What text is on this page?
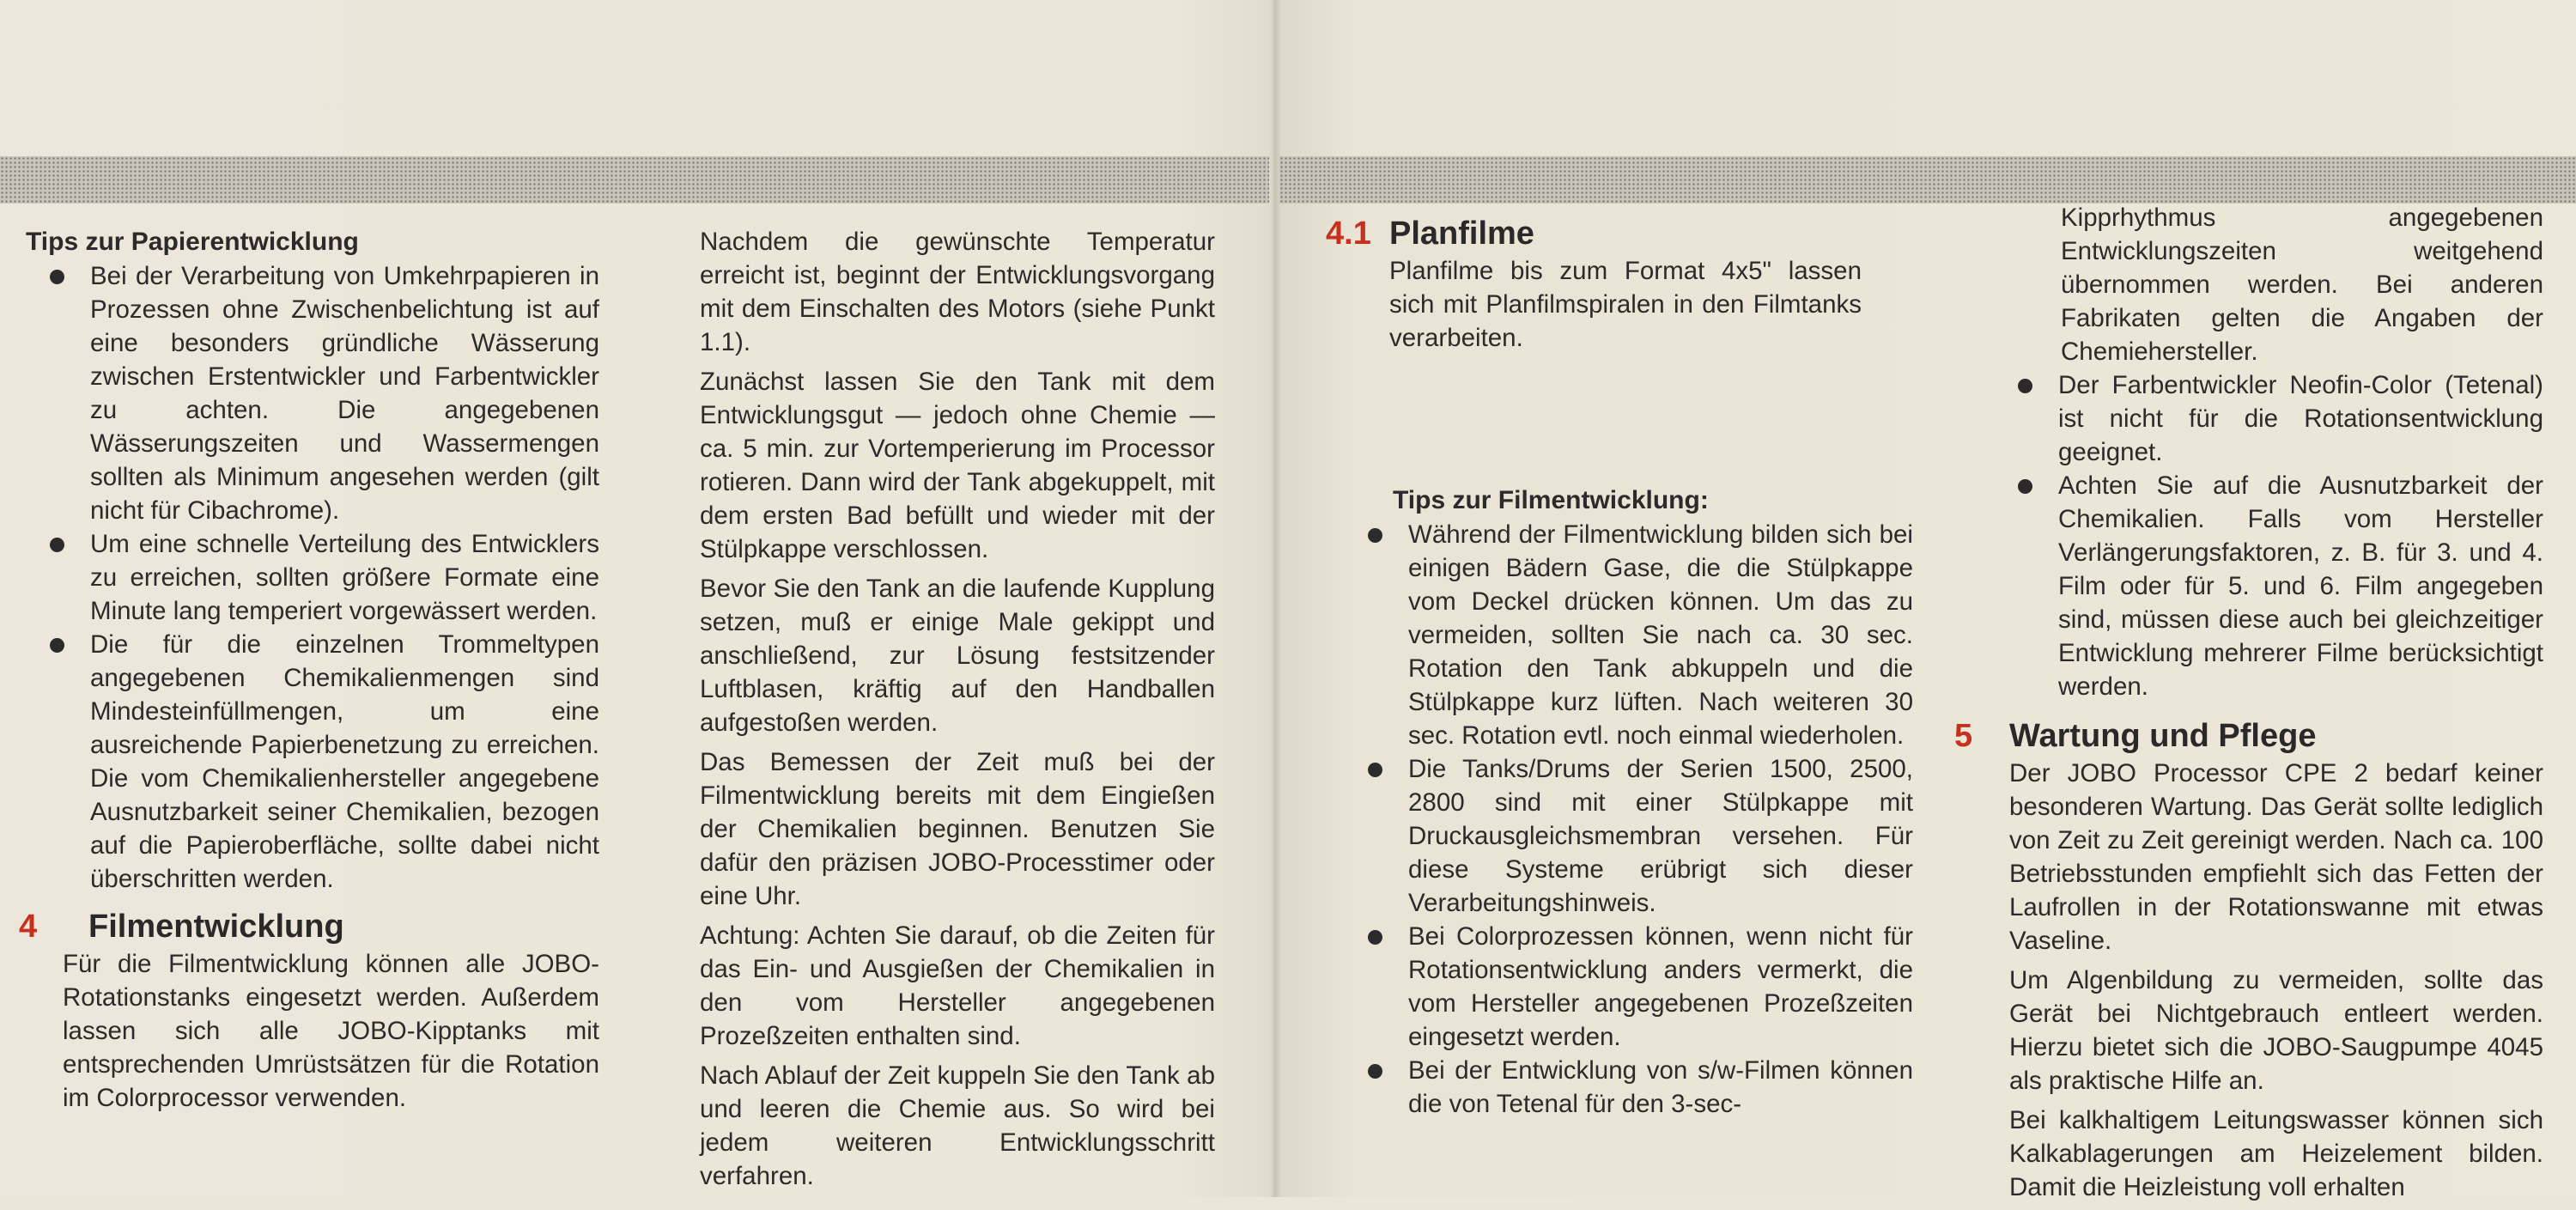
Tips zur Papierentwicklung
Bei der Verarbeitung von Umkehrpapieren in Prozessen ohne Zwischenbelichtung ist auf eine besonders gründliche Wässerung zwischen Erstentwickler und Farbentwickler zu achten. Die angegebenen Wässerungszeiten und Wassermengen sollten als Minimum angesehen werden (gilt nicht für Cibachrome).
Um eine schnelle Verteilung des Entwicklers zu erreichen, sollten größere Formate eine Minute lang temperiert vorgewässert werden.
Die für die einzelnen Trommeltypen angegebenen Chemikalienmengen sind Mindesteinfüllmengen, um eine ausreichende Papierbenetzung zu erreichen. Die vom Chemikalienhersteller angegebene Ausnutzbarkeit seiner Chemikalien, bezogen auf die Papieroberfläche, sollte dabei nicht überschritten werden.
4 Filmentwicklung
Für die Filmentwicklung können alle JOBO-Rotationstanks eingesetzt werden. Außerdem lassen sich alle JOBO-Kipptanks mit entsprechenden Umrüstsätzen für die Rotation im Colorprocessor verwenden.

Nachdem die gewünschte Temperatur erreicht ist, beginnt der Entwicklungsvorgang mit dem Einschalten des Motors (siehe Punkt 1.1).

Zunächst lassen Sie den Tank mit dem Entwicklungsgut — jedoch ohne Chemie — ca. 5 min. zur Vortemperierung im Processor rotieren. Dann wird der Tank abgekuppelt, mit dem ersten Bad befüllt und wieder mit der Stülpkappe verschlossen.

Bevor Sie den Tank an die laufende Kupplung setzen, muß er einige Male gekippt und anschließend, zur Lösung festsitzender Luftblasen, kräftig auf den Handballen aufgestoßen werden.

Das Bemessen der Zeit muß bei der Filmentwicklung bereits mit dem Eingießen der Chemikalien beginnen. Benutzen Sie dafür den präzisen JOBO-Processtimer oder eine Uhr.

Achtung: Achten Sie darauf, ob die Zeiten für das Ein- und Ausgießen der Chemikalien in den vom Hersteller angegebenen Prozeßzeiten enthalten sind.

Nach Ablauf der Zeit kuppeln Sie den Tank ab und leeren die Chemie aus. So wird bei jedem weiteren Entwicklungsschritt verfahren.

4.1 Planfilme
Planfilme bis zum Format 4x5" lassen sich mit Planfilmspiralen in den Filmtanks verarbeiten.
Tips zur Filmentwicklung:
Während der Filmentwicklung bilden sich bei einigen Bädern Gase, die die Stülpkappe vom Deckel drücken können. Um das zu vermeiden, sollten Sie nach ca. 30 sec. Rotation den Tank abkuppeln und die Stülpkappe kurz lüften. Nach weiteren 30 sec. Rotation evtl. noch einmal wiederholen.
Die Tanks/Drums der Serien 1500, 2500, 2800 sind mit einer Stülpkappe mit Druckausgleichsmembran versehen. Für diese Systeme erübrigt sich dieser Verarbeitungshinweis.
Bei Colorprozessen können, wenn nicht für Rotationsentwicklung anders vermerkt, die vom Hersteller angegebenen Prozeßzeiten eingesetzt werden.
Bei der Entwicklung von s/w-Filmen können die von Tetenal für den 3-sec-
Kipprhythmus angegebenen Entwicklungszeiten weitgehend übernommen werden. Bei anderen Fabrikaten gelten die Angaben der Chemiehersteller.
Der Farbentwickler Neofin-Color (Tetenal) ist nicht für die Rotationsentwicklung geeignet.
Achten Sie auf die Ausnutzbarkeit der Chemikalien. Falls vom Hersteller Verlängerungsfaktoren, z. B. für 3. und 4. Film oder für 5. und 6. Film angegeben sind, müssen diese auch bei gleichzeitiger Entwicklung mehrerer Filme berücksichtigt werden.
5	Wartung und Pflege

Der JOBO Processor CPE 2 bedarf keiner besonderen Wartung. Das Gerät sollte lediglich von Zeit zu Zeit gereinigt werden. Nach ca. 100 Betriebsstunden empfiehlt sich das Fetten der Laufrollen in der Rotationswanne mit etwas Vaseline.

Um Algenbildung zu vermeiden, sollte das Gerät bei Nichtgebrauch entleert werden. Hierzu bietet sich die JOBO-Saugpumpe 4045 als praktische Hilfe an.

Bei kalkhaltigem Leitungswasser können sich Kalkablagerungen am Heizelement bilden. Damit die Heizleistung voll erhalten
